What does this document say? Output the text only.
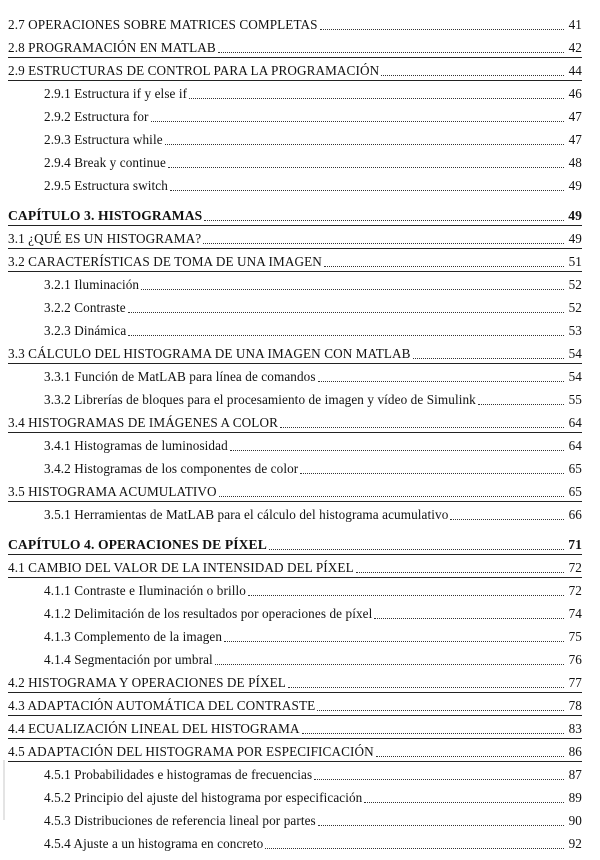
2.7 OPERACIONES SOBRE MATRICES COMPLETAS	41
2.8 PROGRAMACIÓN EN MATLAB	42
2.9 ESTRUCTURAS DE CONTROL PARA LA PROGRAMACIÓN	44
2.9.1 Estructura if y else if	46
2.9.2 Estructura for	47
2.9.3 Estructura while	47
2.9.4 Break y continue	48
2.9.5 Estructura switch	49
CAPÍTULO 3. HISTOGRAMAS	49
3.1 ¿QUÉ ES UN HISTOGRAMA?	49
3.2 CARACTERÍSTICAS DE TOMA DE UNA IMAGEN	51
3.2.1 Iluminación	52
3.2.2 Contraste	52
3.2.3 Dinámica	53
3.3 CÁLCULO DEL HISTOGRAMA DE UNA IMAGEN CON MATLAB	54
3.3.1 Función de MatLAB para línea de comandos	54
3.3.2 Librerías de bloques para el procesamiento de imagen y vídeo de Simulink	55
3.4 HISTOGRAMAS DE IMÁGENES A COLOR	64
3.4.1 Histogramas de luminosidad	64
3.4.2 Histogramas de los componentes de color	65
3.5 HISTOGRAMA ACUMULATIVO	65
3.5.1 Herramientas de MatLAB para el cálculo del histograma acumulativo	66
CAPÍTULO 4. OPERACIONES DE PÍXEL	71
4.1 CAMBIO DEL VALOR DE LA INTENSIDAD DEL PÍXEL	72
4.1.1 Contraste e Iluminación o brillo	72
4.1.2 Delimitación de los resultados por operaciones de píxel	74
4.1.3 Complemento de la imagen	75
4.1.4 Segmentación por umbral	76
4.2 HISTOGRAMA Y OPERACIONES DE PÍXEL	77
4.3 ADAPTACIÓN AUTOMÁTICA DEL CONTRASTE	78
4.4 ECUALIZACIÓN LINEAL DEL HISTOGRAMA	83
4.5 ADAPTACIÓN DEL HISTOGRAMA POR ESPECIFICACIÓN	86
4.5.1 Probabilidades e histogramas de frecuencias	87
4.5.2 Principio del ajuste del histograma por especificación	89
4.5.3 Distribuciones de referencia lineal por partes	90
4.5.4 Ajuste a un histograma en concreto	92
